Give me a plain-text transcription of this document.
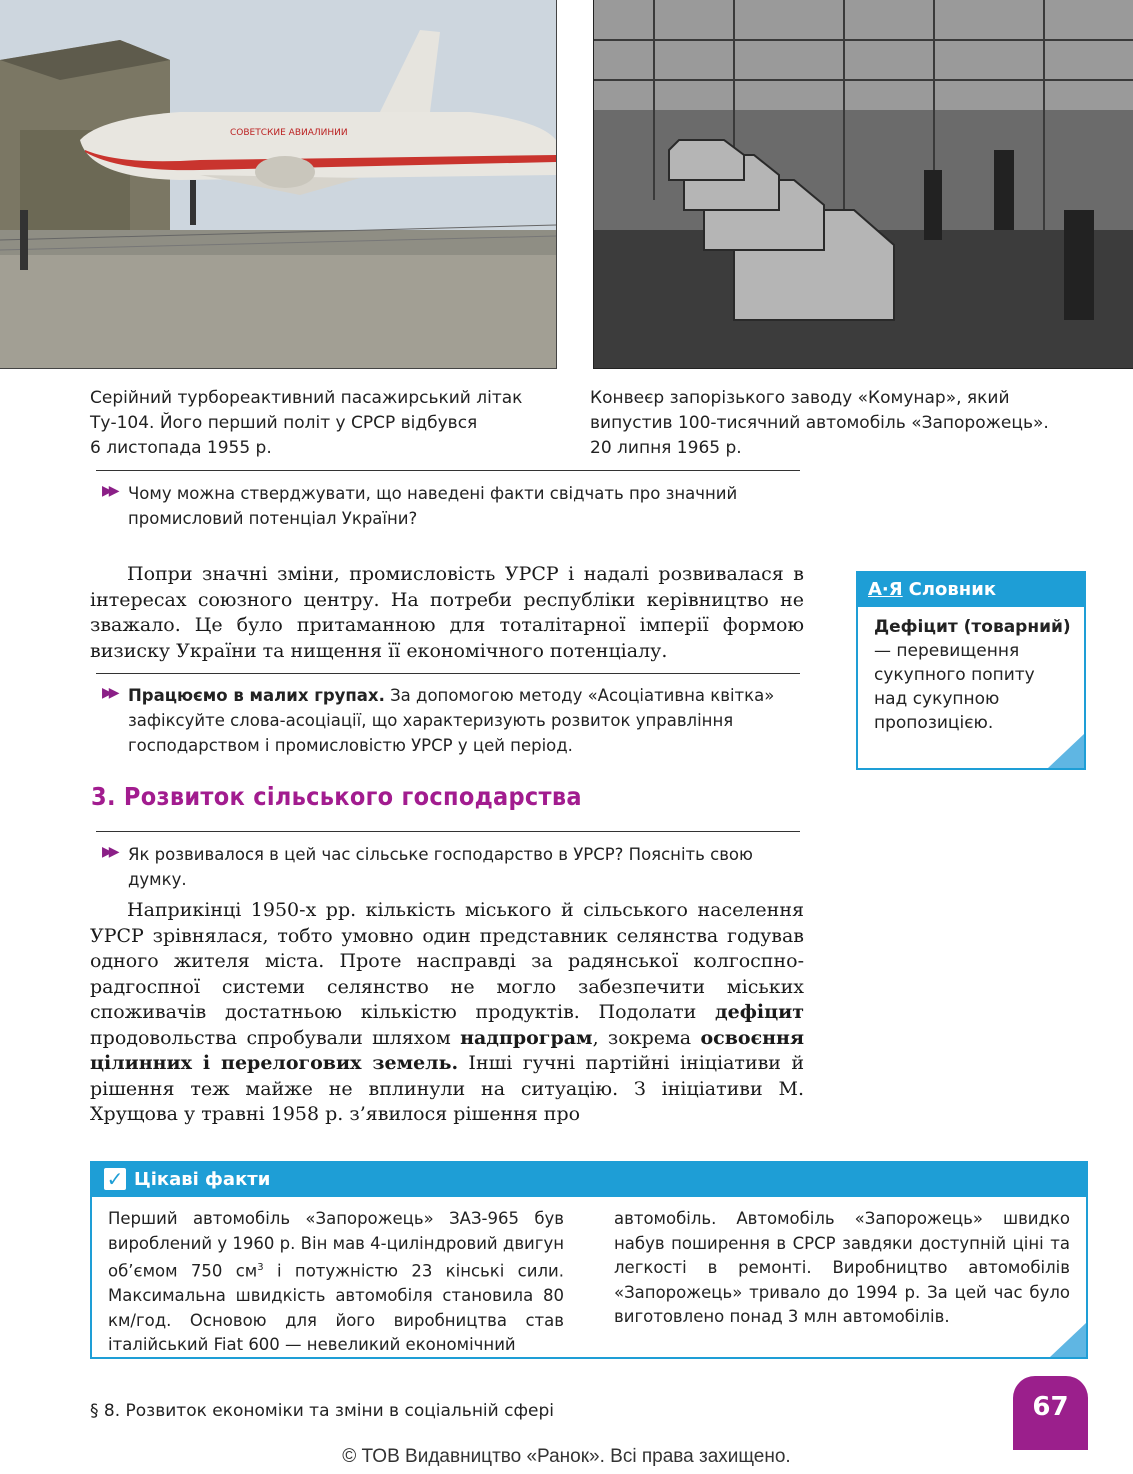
СОВЕТСКИЕ АВИАЛИНИИ
Серійний турбореактивний пасажирський літак
Ту-104. Його перший політ у СРСР відбувся
6 листопада 1955 р.
Конвеєр запорізького заводу «Комунар», який
випустив 100-тисячний автомобіль «Запорожець».
20 липня 1965 р.
▶▶ Чому можна стверджувати, що наведені факти свідчать про значний промисловий потенціал України?
Попри значні зміни, промисловість УРСР і надалі розвивалася в інтересах союзного центру. На потреби республіки керівництво не зважало. Це було притаманною для тоталітарної імперії формою визиску України та нищення її економічного потенціалу.
▶▶ Працюємо в малих групах. За допомогою методу «Асоціативна квітка» зафіксуйте слова-асоціації, що характеризують розвиток управління господарством і промисловістю УРСР у цей період.
3. Розвиток сільського господарства
▶▶ Як розвивалося в цей час сільське господарство в УРСР? Поясніть свою думку.
Наприкінці 1950-х рр. кількість міського й сільського населення УРСР зрівнялася, тобто умовно один представник селянства годував одного жителя міста. Проте насправді за радянської колгоспно-радгоспної системи селянство не могло забезпечити міських споживачів достатньою кількістю продуктів. Подолати дефіцит продовольства спробували шляхом надпрограм, зокрема освоєння цілинних і перелогових земель. Інші гучні партійні ініціативи й рішення теж майже не вплинули на ситуацію. З ініціативи М. Хрущова у травні 1958 р. з’явилося рішення про
А·Я Словник
Дефіцит (товарний) — перевищення сукупного попиту над сукупною пропозицією.
✓ Цікаві факти
Перший автомобіль «Запорожець» ЗАЗ-965 був вироблений у 1960 р. Він мав 4-циліндровий двигун об’ємом 750 $см^3$ і потужністю 23 кінські сили. Максимальна швидкість автомобіля становила 80 км/год. Основою для його виробництва став італійський Fiat 600 — невеликий економічний
автомобіль. Автомобіль «Запорожець» швидко набув поширення в СРСР завдяки доступній ціні та легкості в ремонті. Виробництво автомобілів «Запорожець» тривало до 1994 р. За цей час було виготовлено понад 3 млн автомобілів.
§ 8. Розвиток економіки та зміни в соціальній сфері	67
© ТОВ Видавництво «Ранок». Всі права захищено.
